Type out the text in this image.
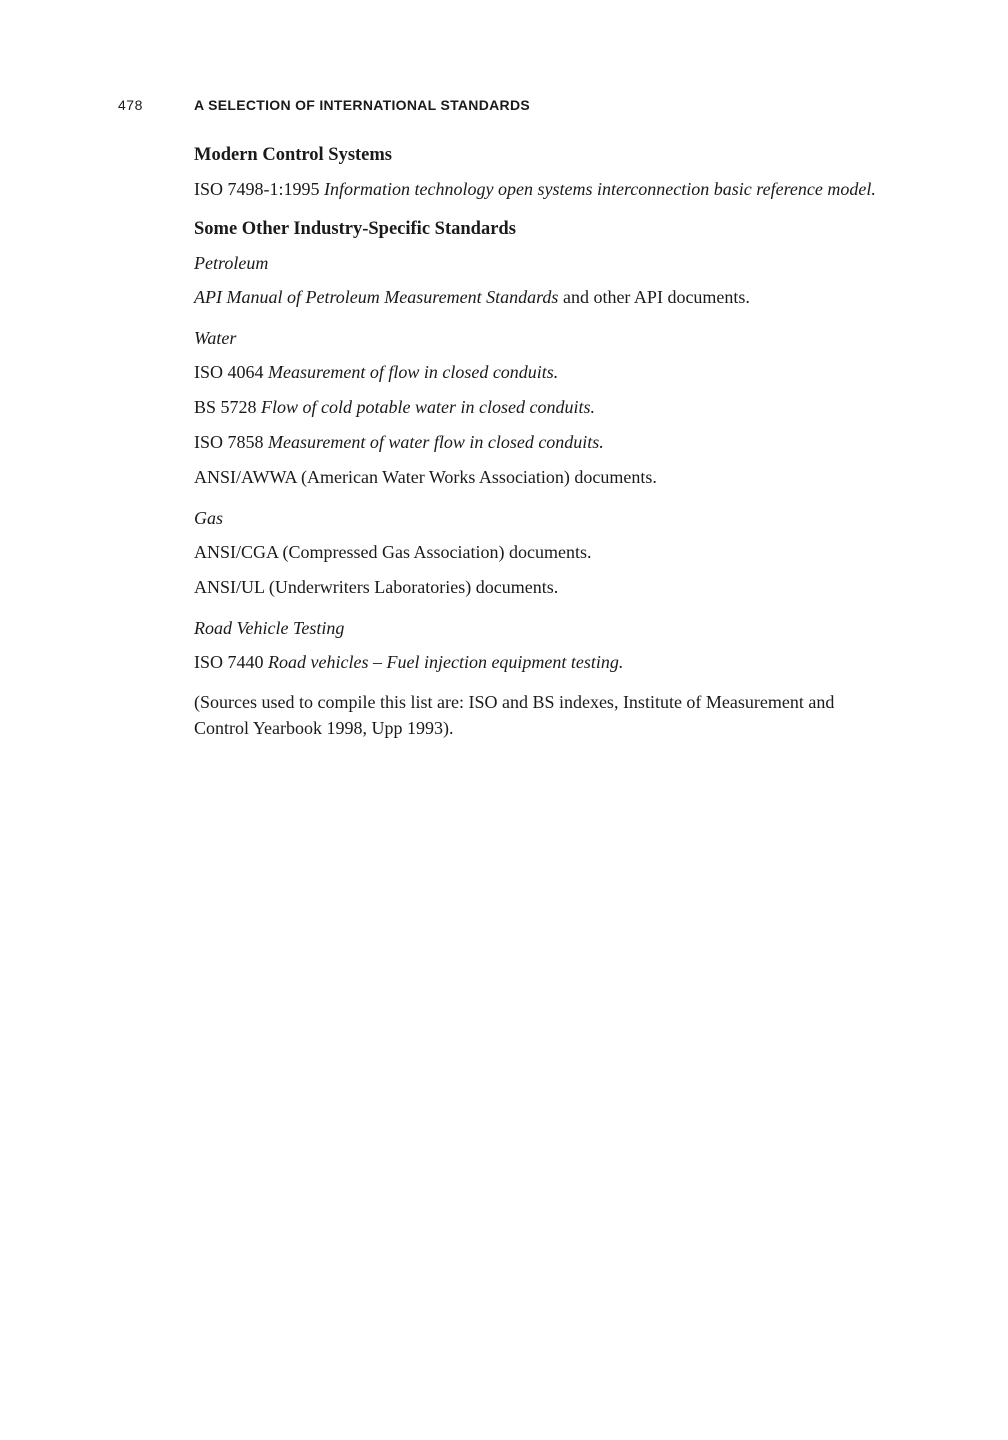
478	A SELECTION OF INTERNATIONAL STANDARDS
Modern Control Systems

ISO 7498-1:1995 Information technology open systems interconnection basic reference model.

Some Other Industry-Specific Standards
Petroleum

API Manual of Petroleum Measurement Standards and other API documents.

Water

ISO 4064 Measurement of flow in closed conduits.

BS 5728 Flow of cold potable water in closed conduits.

ISO 7858 Measurement of water flow in closed conduits.

ANSI/AWWA (American Water Works Association) documents.

Gas

ANSI/CGA (Compressed Gas Association) documents.

ANSI/UL (Underwriters Laboratories) documents.

Road Vehicle Testing

ISO 7440 Road vehicles – Fuel injection equipment testing.

(Sources used to compile this list are: ISO and BS indexes, Institute of Measurement and Control Yearbook 1998, Upp 1993).
